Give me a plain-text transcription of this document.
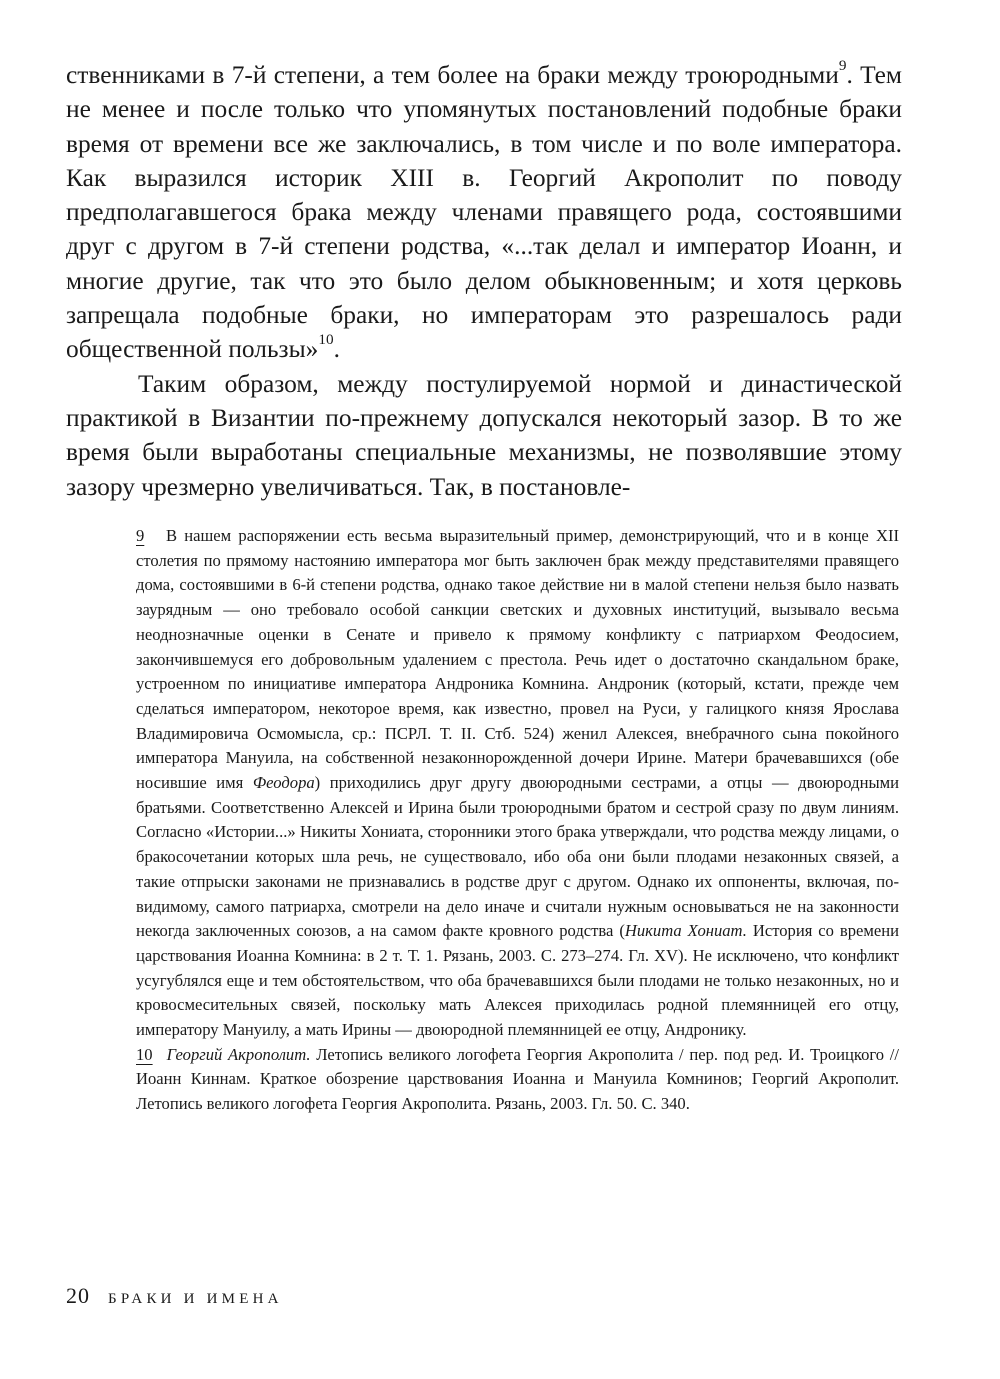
ственниками в 7-й степени, а тем более на браки между троюродными$^9$. Тем не менее и после только что упомянутых постановлений подобные браки время от времени все же заключались, в том числе и по воле императора. Как выразился историк XIII в. Георгий Акрополит по поводу предполагавшегося брака между членами правящего рода, состоявшими друг с другом в 7-й степени родства, «...так делал и император Иоанн, и многие другие, так что это было делом обыкновенным; и хотя церковь запрещала подобные браки, но императорам это разрешалось ради общественной пользы»$^{10}$.

Таким образом, между постулируемой нормой и династической практикой в Византии по-прежнему допускался некоторый зазор. В то же время были выработаны специальные механизмы, не позволявшие этому зазору чрезмерно увеличиваться. Так, в постановле-

9 В нашем распоряжении есть весьма выразительный пример, демонстрирующий, что и в конце XII столетия по прямому настоянию императора мог быть заключен брак между представителями правящего дома, состоявшими в 6-й степени родства, однако такое действие ни в малой степени нельзя было назвать заурядным — оно требовало особой санкции светских и духовных институций, вызывало весьма неоднозначные оценки в Сенате и привело к прямому конфликту с патриархом Феодосием, закончившемуся его добровольным удалением с престола. Речь идет о достаточно скандальном браке, устроенном по инициативе императора Андроника Комнина. Андроник (который, кстати, прежде чем сделаться императором, некоторое время, как известно, провел на Руси, у галицкого князя Ярослава Владимировича Осмомысла, ср.: ПСРЛ. Т. II. Стб. 524) женил Алексея, внебрачного сына покойного императора Мануила, на собственной незаконнорожденной дочери Ирине. Матери брачевавшихся (обе носившие имя Феодора) приходились друг другу двоюродными сестрами, а отцы — двоюродными братьями. Соответственно Алексей и Ирина были троюродными братом и сестрой сразу по двум линиям. Согласно «Истории...» Никиты Хониата, сторонники этого брака утверждали, что родства между лицами, о бракосочетании которых шла речь, не существовало, ибо оба они были плодами незаконных связей, а такие отпрыски законами не признавались в родстве друг с другом. Однако их оппоненты, включая, по-видимому, самого патриарха, смотрели на дело иначе и считали нужным основываться не на законности некогда заключенных союзов, а на самом факте кровного родства (Никита Хониат. История со времени царствования Иоанна Комнина: в 2 т. Т. 1. Рязань, 2003. С. 273–274. Гл. XV). Не исключено, что конфликт усугублялся еще и тем обстоятельством, что оба брачевавшихся были плодами не только незаконных, но и кровосмесительных связей, поскольку мать Алексея приходилась родной племянницей его отцу, императору Мануилу, а мать Ирины — двоюродной племянницей ее отцу, Андронику.

10 Георгий Акрополит. Летопись великого логофета Георгия Акрополита / пер. под ред. И. Троицкого // Иоанн Киннам. Краткое обозрение царствования Иоанна и Мануила Комнинов; Георгий Акрополит. Летопись великого логофета Георгия Акрополита. Рязань, 2003. Гл. 50. С. 340.

20 БРАКИ И ИМЕНА
